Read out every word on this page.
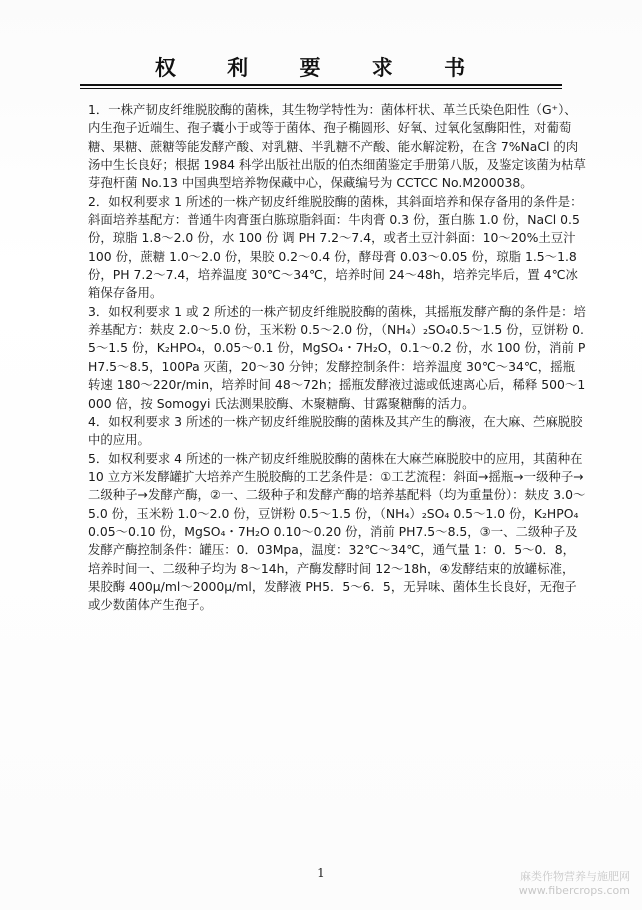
权 利 要 求 书

1．一株产韧皮纤维脱胶酶的菌株，其生物学特性为：菌体杆状、革兰氏染色阳性（G⁺）、内生孢子近端生、孢子囊小于或等于菌体、孢子椭圆形、好氧、过氧化氢酶阳性，对葡萄糖、果糖、蔗糖等能发酵产酸、对乳糖、半乳糖不产酸、能水解淀粉，在含 7%NaCl 的肉汤中生长良好；根据 1984 科学出版社出版的伯杰细菌鉴定手册第八版，及鉴定该菌为枯草芽孢杆菌 No.13 中国典型培养物保藏中心，保藏编号为 CCTCC No.M200038。

2．如权利要求 1 所述的一株产韧皮纤维脱胶酶的菌株，其斜面培养和保存备用的条件是：斜面培养基配方：普通牛肉膏蛋白胨琼脂斜面：牛肉膏 0.3 份，蛋白胨 1.0 份，NaCl 0.5 份，琼脂 1.8～2.0 份，水 100 份 调 PH 7.2～7.4，或者土豆汁斜面：10～20%土豆汁 100 份，蔗糖 1.0～2.0 份，果胶 0.2～0.4 份，酵母膏 0.03～0.05 份，琼脂 1.5～1.8 份，PH 7.2～7.4，培养温度 30℃～34℃，培养时间 24～48h，培养完毕后，置 4℃冰箱保存备用。

3．如权利要求 1 或 2 所述的一株产韧皮纤维脱胶酶的菌株，其摇瓶发酵产酶的条件是：培养基配方：麸皮 2.0～5.0 份，玉米粉 0.5～2.0 份，（NH₄）₂SO₄0.5～1.5 份，豆饼粉 0.5～1.5 份，K₂HPO₄，0.05～0.1 份，MgSO₄・7H₂O，0.1～0.2 份，水 100 份，消前 PH7.5～8.5，100Pa 灭菌，20～30 分钟；发酵控制条件：培养温度 30℃～34℃，摇瓶转速 180～220r/min，培养时间 48～72h；摇瓶发酵液过滤或低速离心后，稀释 500～1000 倍，按 Somogyi 氏法测果胶酶、木聚糖酶、甘露聚糖酶的活力。

4．如权利要求 3 所述的一株产韧皮纤维脱胶酶的菌株及其产生的酶液，在大麻、苎麻脱胶中的应用。

5．如权利要求 4 所述的一株产韧皮纤维脱胶酶的菌株在大麻苎麻脱胶中的应用，其菌种在 10 立方米发酵罐扩大培养产生脱胶酶的工艺条件是：①工艺流程：斜面→摇瓶→一级种子→二级种子→发酵产酶，②一、二级种子和发酵产酶的培养基配料（均为重量份）：麸皮 3.0～5.0 份，玉米粉 1.0～2.0 份，豆饼粉 0.5～1.5 份，（NH₄）₂SO₄ 0.5～1.0 份，K₂HPO₄ 0.05～0.10 份，MgSO₄・7H₂O 0.10～0.20 份，消前 PH7.5～8.5，③一、二级种子及发酵产酶控制条件：罐压：0．03Mpa，温度：32℃～34℃，通气量 1：0．5～0．8，培养时间一、二级种子均为 8～14h，产酶发酵时间 12～18h，④发酵结束的放罐标准，果胶酶 400μ/ml～2000μ/ml，发酵液 PH5．5～6．5，无异味、菌体生长良好，无孢子或少数菌体产生孢子。

1	麻类作物营养与施肥网
www.fibercrops.com
